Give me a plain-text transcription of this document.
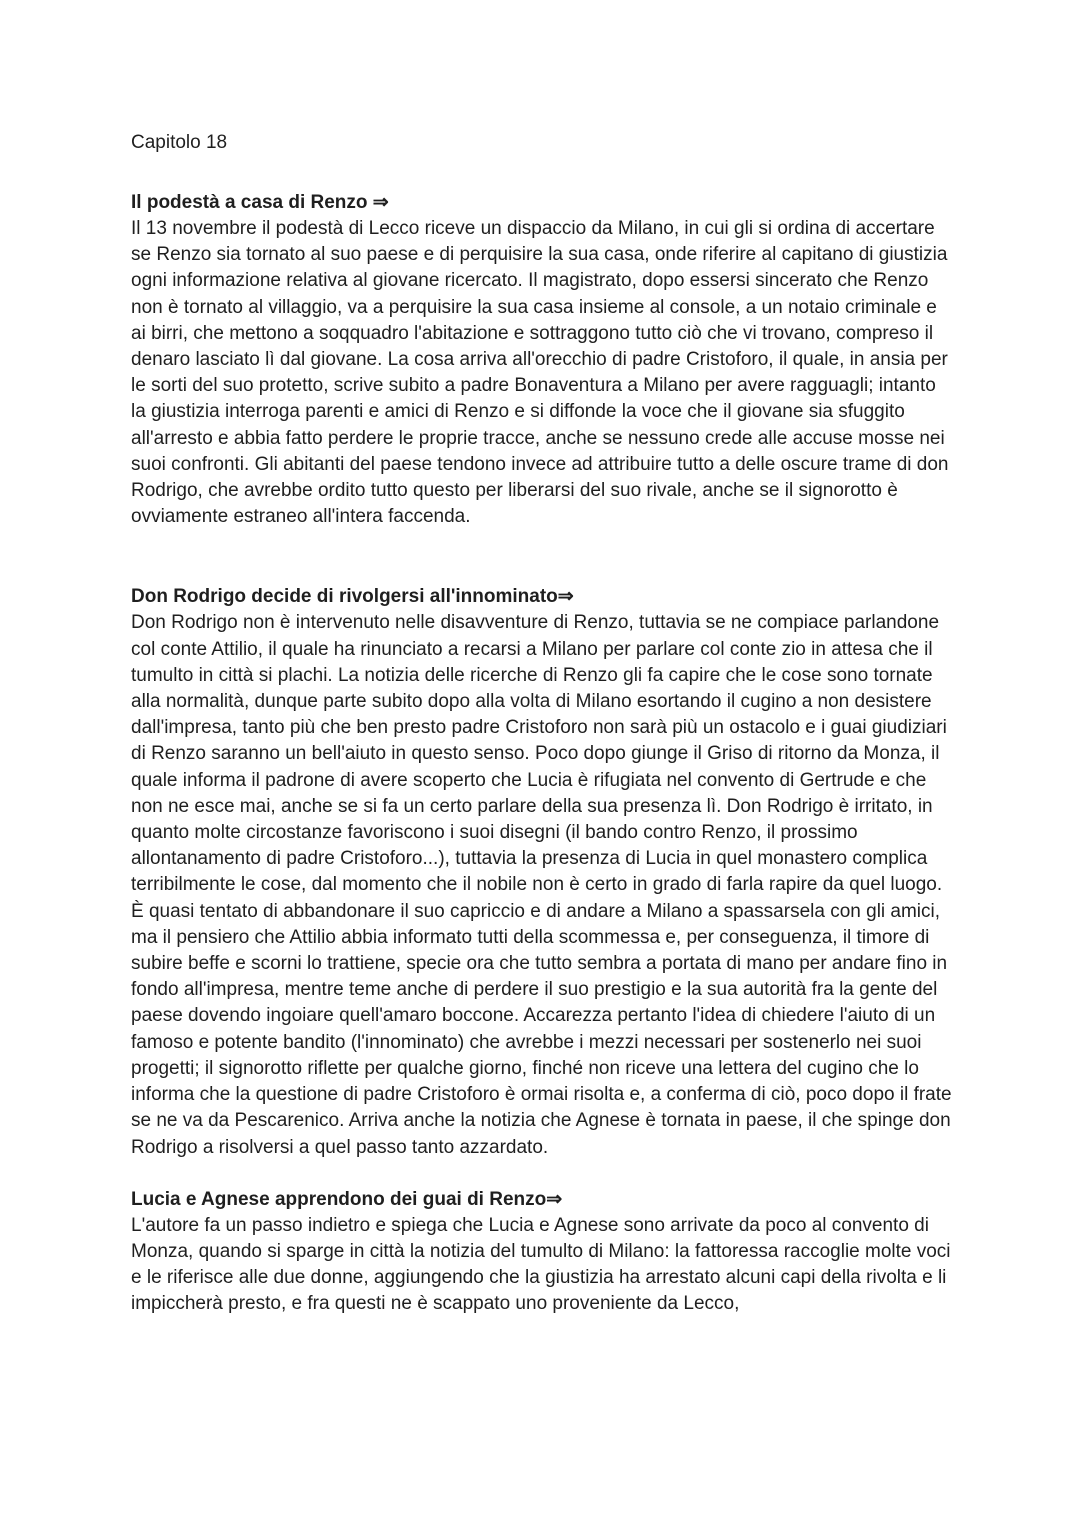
Capitolo 18

Il podestà a casa di Renzo ⇒

Il 13 novembre il podestà di Lecco riceve un dispaccio da Milano, in cui gli si ordina di accertare se Renzo sia tornato al suo paese e di perquisire la sua casa, onde riferire al capitano di giustizia ogni informazione relativa al giovane ricercato. Il magistrato, dopo essersi sincerato che Renzo non è tornato al villaggio, va a perquisire la sua casa insieme al console, a un notaio criminale e ai birri, che mettono a soqquadro l'abitazione e sottraggono tutto ciò che vi trovano, compreso il denaro lasciato lì dal giovane. La cosa arriva all'orecchio di padre Cristoforo, il quale, in ansia per le sorti del suo protetto, scrive subito a padre Bonaventura a Milano per avere ragguagli; intanto la giustizia interroga parenti e amici di Renzo e si diffonde la voce che il giovane sia sfuggito all'arresto e abbia fatto perdere le proprie tracce, anche se nessuno crede alle accuse mosse nei suoi confronti. Gli abitanti del paese tendono invece ad attribuire tutto a delle oscure trame di don Rodrigo, che avrebbe ordito tutto questo per liberarsi del suo rivale, anche se il signorotto è ovviamente estraneo all'intera faccenda.

Don Rodrigo decide di rivolgersi all'innominato⇒

Don Rodrigo non è intervenuto nelle disavventure di Renzo, tuttavia se ne compiace parlandone col conte Attilio, il quale ha rinunciato a recarsi a Milano per parlare col conte zio in attesa che il tumulto in città si plachi. La notizia delle ricerche di Renzo gli fa capire che le cose sono tornate alla normalità, dunque parte subito dopo alla volta di Milano esortando il cugino a non desistere dall'impresa, tanto più che ben presto padre Cristoforo non sarà più un ostacolo e i guai giudiziari di Renzo saranno un bell'aiuto in questo senso. Poco dopo giunge il Griso di ritorno da Monza, il quale informa il padrone di avere scoperto che Lucia è rifugiata nel convento di Gertrude e che non ne esce mai, anche se si fa un certo parlare della sua presenza lì. Don Rodrigo è irritato, in quanto molte circostanze favoriscono i suoi disegni (il bando contro Renzo, il prossimo allontanamento di padre Cristoforo...), tuttavia la presenza di Lucia in quel monastero complica terribilmente le cose, dal momento che il nobile non è certo in grado di farla rapire da quel luogo. È quasi tentato di abbandonare il suo capriccio e di andare a Milano a spassarsela con gli amici, ma il pensiero che Attilio abbia informato tutti della scommessa e, per conseguenza, il timore di subire beffe e scorni lo trattiene, specie ora che tutto sembra a portata di mano per andare fino in fondo all'impresa, mentre teme anche di perdere il suo prestigio e la sua autorità fra la gente del paese dovendo ingoiare quell'amaro boccone. Accarezza pertanto l'idea di chiedere l'aiuto di un famoso e potente bandito (l'innominato) che avrebbe i mezzi necessari per sostenerlo nei suoi progetti; il signorotto riflette per qualche giorno, finché non riceve una lettera del cugino che lo informa che la questione di padre Cristoforo è ormai risolta e, a conferma di ciò, poco dopo il frate se ne va da Pescarenico. Arriva anche la notizia che Agnese è tornata in paese, il che spinge don Rodrigo a risolversi a quel passo tanto azzardato.

Lucia e Agnese apprendono dei guai di Renzo⇒

L'autore fa un passo indietro e spiega che Lucia e Agnese sono arrivate da poco al convento di Monza, quando si sparge in città la notizia del tumulto di Milano: la fattoressa raccoglie molte voci e le riferisce alle due donne, aggiungendo che la giustizia ha arrestato alcuni capi della rivolta e li impiccherà presto, e fra questi ne è scappato uno proveniente da Lecco,
